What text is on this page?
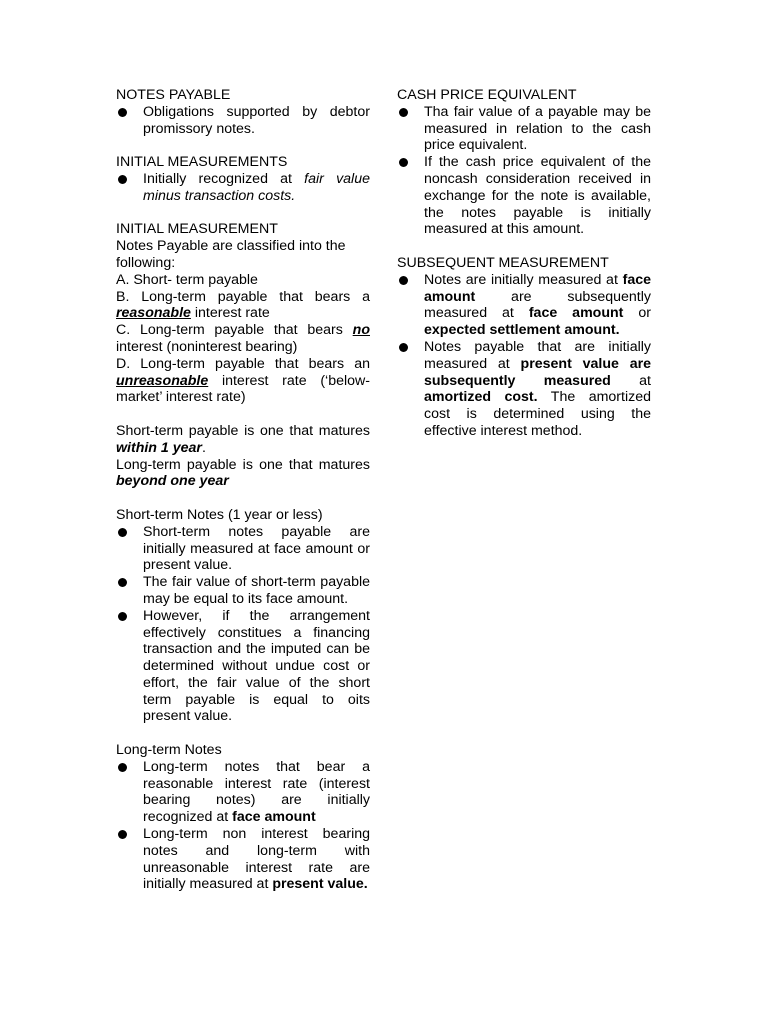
NOTES PAYABLE

Obligations supported by debtor promissory notes.

INITIAL MEASUREMENTS

Initially recognized at fair value minus transaction costs.

INITIAL MEASUREMENT

Notes Payable are classified into the following:

A. Short- term payable

B. Long-term payable that bears a reasonable interest rate

C. Long-term payable that bears no interest (noninterest bearing)

D. Long-term payable that bears an unreasonable interest rate (‘below-market’ interest rate)

Short-term payable is one that matures within 1 year.

Long-term payable is one that matures beyond one year

Short-term Notes (1 year or less)

Short-term notes payable are initially measured at face amount or present value.
The fair value of short-term payable may be equal to its face amount.
However, if the arrangement effectively constitues a financing transaction and the imputed can be determined without undue cost or effort, the fair value of the short term payable is equal to oits present value.

Long-term Notes

Long-term notes that bear a reasonable interest rate (interest bearing notes) are initially recognized at face amount
Long-term non interest bearing notes and long-term with unreasonable interest rate are initially measured at present value.

CASH PRICE EQUIVALENT

Tha fair value of a payable may be measured in relation to the cash price equivalent.
If the cash price equivalent of the noncash consideration received in exchange for the note is available, the notes payable is initially measured at this amount.

SUBSEQUENT MEASUREMENT

Notes are initially measured at face amount are subsequently measured at face amount or expected settlement amount.
Notes payable that are initially measured at present value are subsequently measured at amortized cost. The amortized cost is determined using the effective interest method.
